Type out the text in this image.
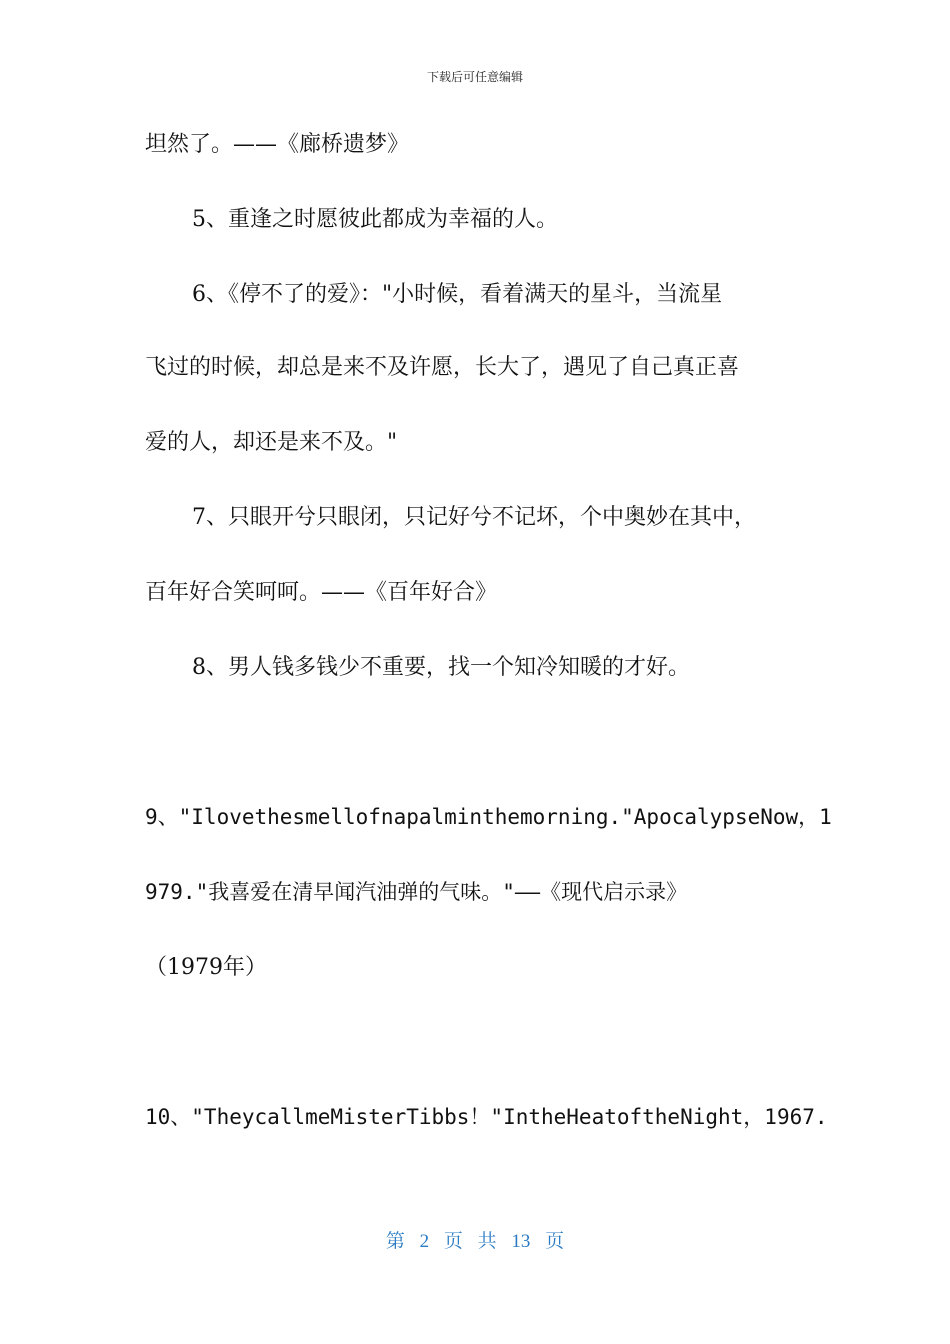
下载后可任意编辑
坦然了。——《廊桥遗梦》
5、重逢之时愿彼此都成为幸福的人。
6、《停不了的爱》："小时候，看着满天的星斗，当流星
飞过的时候，却总是来不及许愿，长大了，遇见了自己真正喜
爱的人，却还是来不及。"
7、只眼开兮只眼闭，只记好兮不记坏，个中奥妙在其中，
百年好合笑呵呵。——《百年好合》
8、男人钱多钱少不重要，找一个知冷知暖的才好。
9、"Ilovethesmellofnapalminthemorning."ApocalypseNow，1
979."我喜爱在清早闻汽油弹的气味。"——《现代启示录》
（1979年）
10、"TheycallmeMisterTibbs！"IntheHeatoftheNight，1967.
第 2 页 共 13 页
